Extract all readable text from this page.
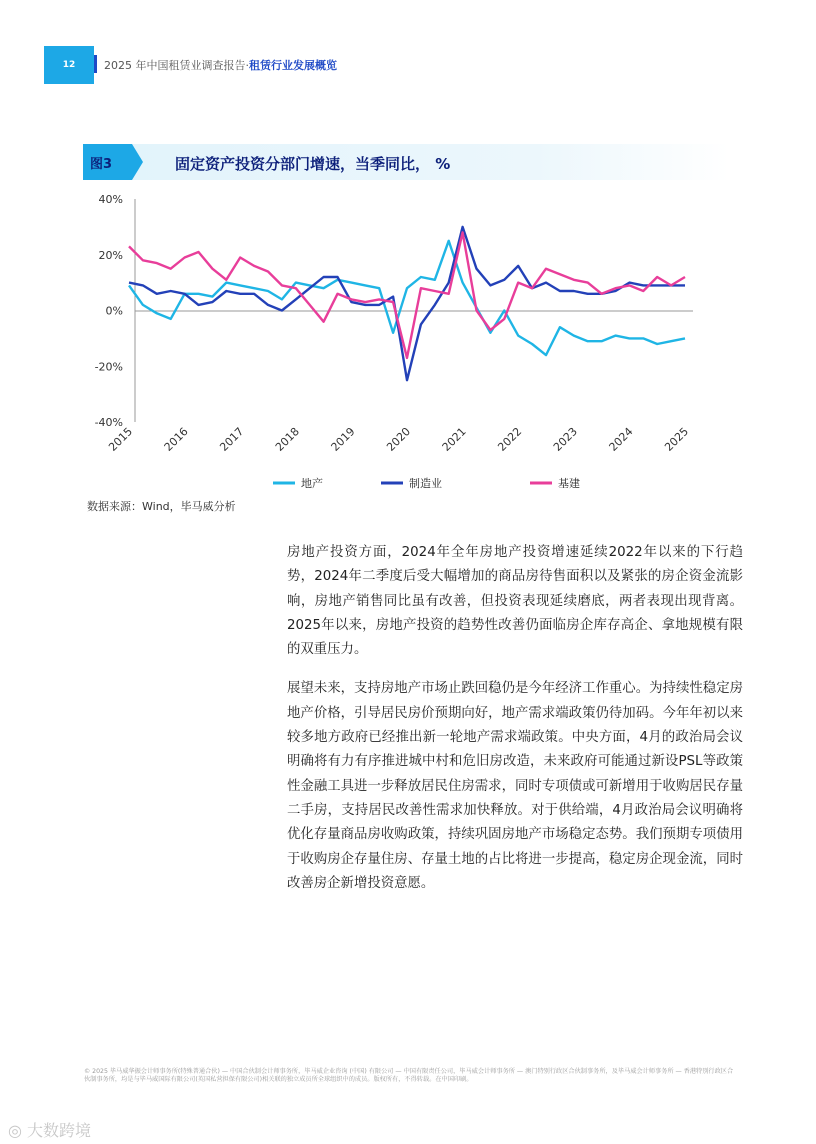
12	2025 年中国租赁业调查报告·租赁行业发展概览
图3	固定资产投资分部门增速，当季同比， %
40%
20%
0%
-20%
-40%
2015 2016 2017 2018 2019 2020 2021 2022 2023 2024 2025
地产	制造业	基建
数据来源：Wind，毕马威分析

房地产投资方面，2024年全年房地产投资增速延续2022年以来的下行趋势，2024年二季度后受大幅增加的商品房待售面积以及紧张的房企资金流影响，房地产销售同比虽有改善，但投资表现延续磨底，两者表现出现背离。2025年以来，房地产投资的趋势性改善仍面临房企库存高企、拿地规模有限的双重压力。

展望未来，支持房地产市场止跌回稳仍是今年经济工作重心。为持续性稳定房地产价格，引导居民房价预期向好，地产需求端政策仍待加码。今年年初以来较多地方政府已经推出新一轮地产需求端政策。中央方面，4月的政治局会议明确将有力有序推进城中村和危旧房改造，未来政府可能通过新设PSL等政策性金融工具进一步释放居民住房需求，同时专项债或可新增用于收购居民存量二手房，支持居民改善性需求加快释放。对于供给端，4月政治局会议明确将优化存量商品房收购政策，持续巩固房地产市场稳定态势。我们预期专项债用于收购房企存量住房、存量土地的占比将进一步提高，稳定房企现金流，同时改善房企新增投资意愿。

© 2025 毕马威华振会计师事务所(特殊普通合伙) — 中国合伙制会计师事务所，毕马威企业咨询 (中国) 有限公司 — 中国有限责任公司，毕马威会计师事务所 — 澳门特别行政区合伙制事务所，及毕马威会计师事务所 — 香港特别行政区合伙制事务所，均是与毕马威国际有限公司(英国私营担保有限公司)相关联的独立成员所全球组织中的成员。版权所有，不得转载。在中国印刷。
◎ 大数跨境
